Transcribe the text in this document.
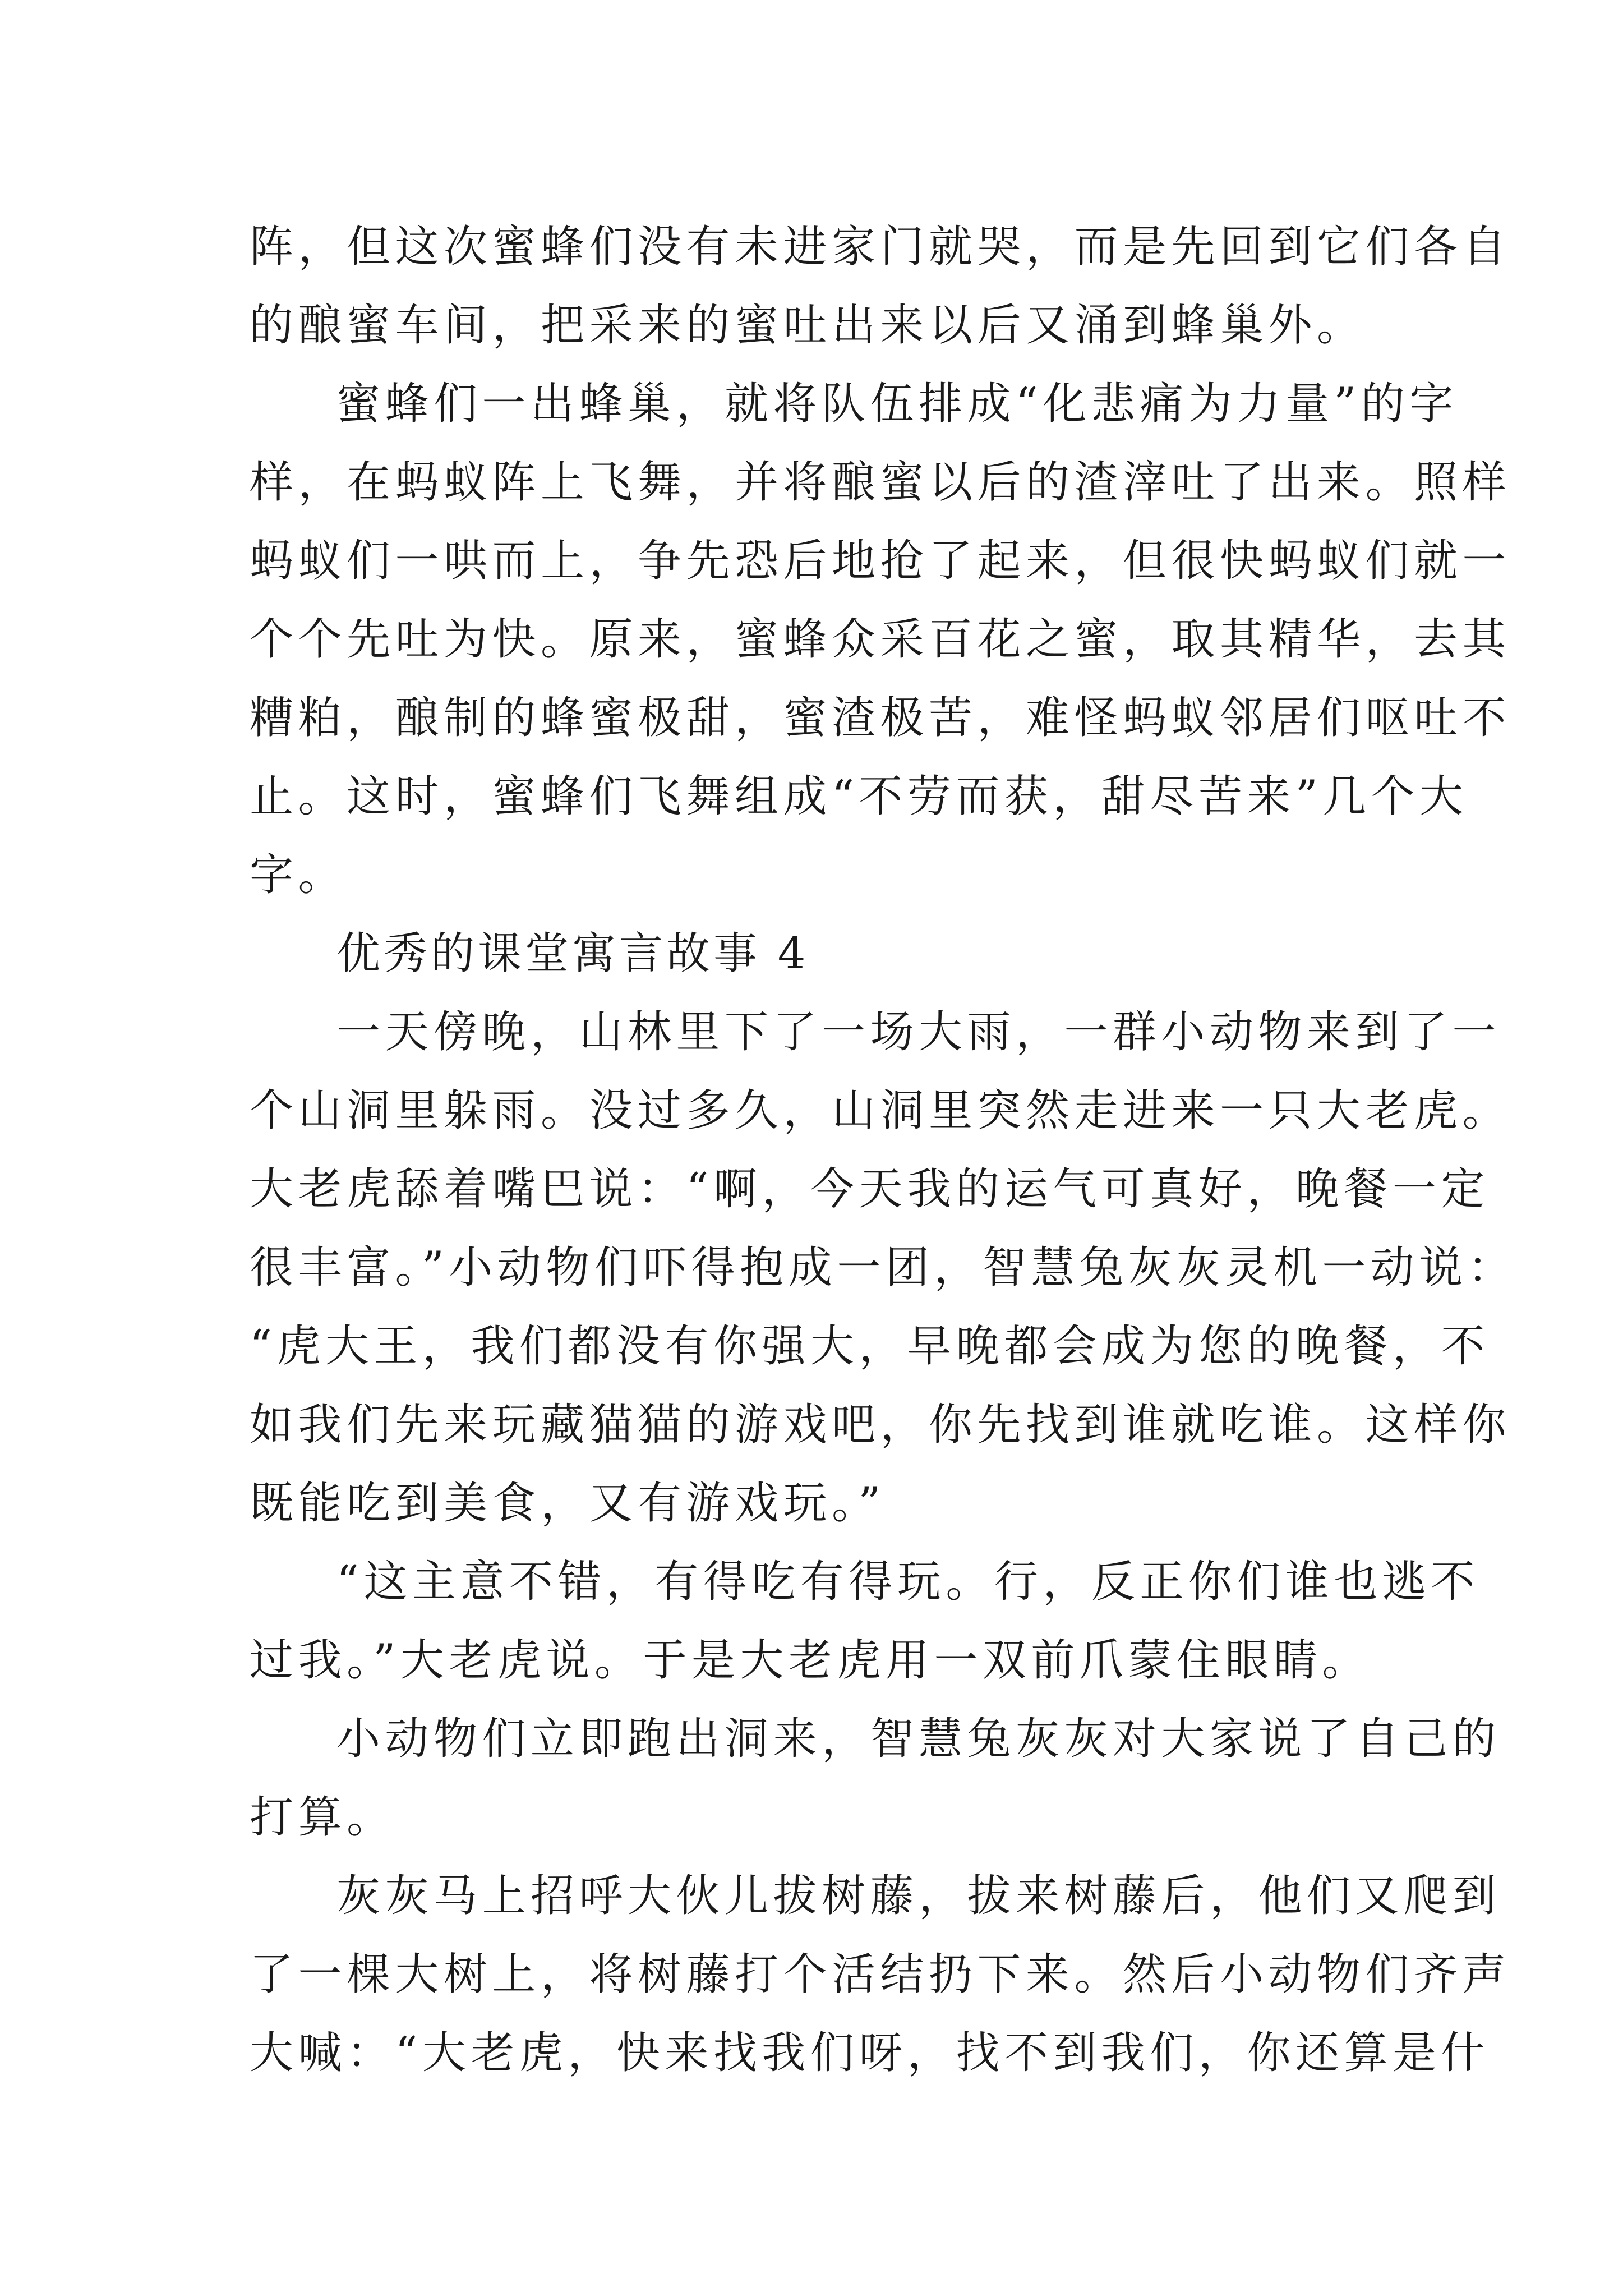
阵，但这次蜜蜂们没有未进家门就哭，而是先回到它们各自
的酿蜜车间，把采来的蜜吐出来以后又涌到蜂巢外。
蜜蜂们一出蜂巢，就将队伍排成“化悲痛为力量”的字
样，在蚂蚁阵上飞舞，并将酿蜜以后的渣滓吐了出来。照样
蚂蚁们一哄而上，争先恐后地抢了起来，但很快蚂蚁们就一
个个先吐为快。原来，蜜蜂众采百花之蜜，取其精华，去其
糟粕，酿制的蜂蜜极甜，蜜渣极苦，难怪蚂蚁邻居们呕吐不
止。这时，蜜蜂们飞舞组成“不劳而获，甜尽苦来”几个大
字。
优秀的课堂寓言故事 4
一天傍晚，山林里下了一场大雨，一群小动物来到了一
个山洞里躲雨。没过多久，山洞里突然走进来一只大老虎。
大老虎舔着嘴巴说：“啊，今天我的运气可真好，晚餐一定
很丰富。”小动物们吓得抱成一团，智慧兔灰灰灵机一动说：
“虎大王，我们都没有你强大，早晚都会成为您的晚餐，不
如我们先来玩藏猫猫的游戏吧，你先找到谁就吃谁。这样你
既能吃到美食，又有游戏玩。”
“这主意不错，有得吃有得玩。行，反正你们谁也逃不
过我。”大老虎说。于是大老虎用一双前爪蒙住眼睛。
小动物们立即跑出洞来，智慧兔灰灰对大家说了自己的
打算。
灰灰马上招呼大伙儿拔树藤，拔来树藤后，他们又爬到
了一棵大树上，将树藤打个活结扔下来。然后小动物们齐声
大喊：“大老虎，快来找我们呀，找不到我们，你还算是什
